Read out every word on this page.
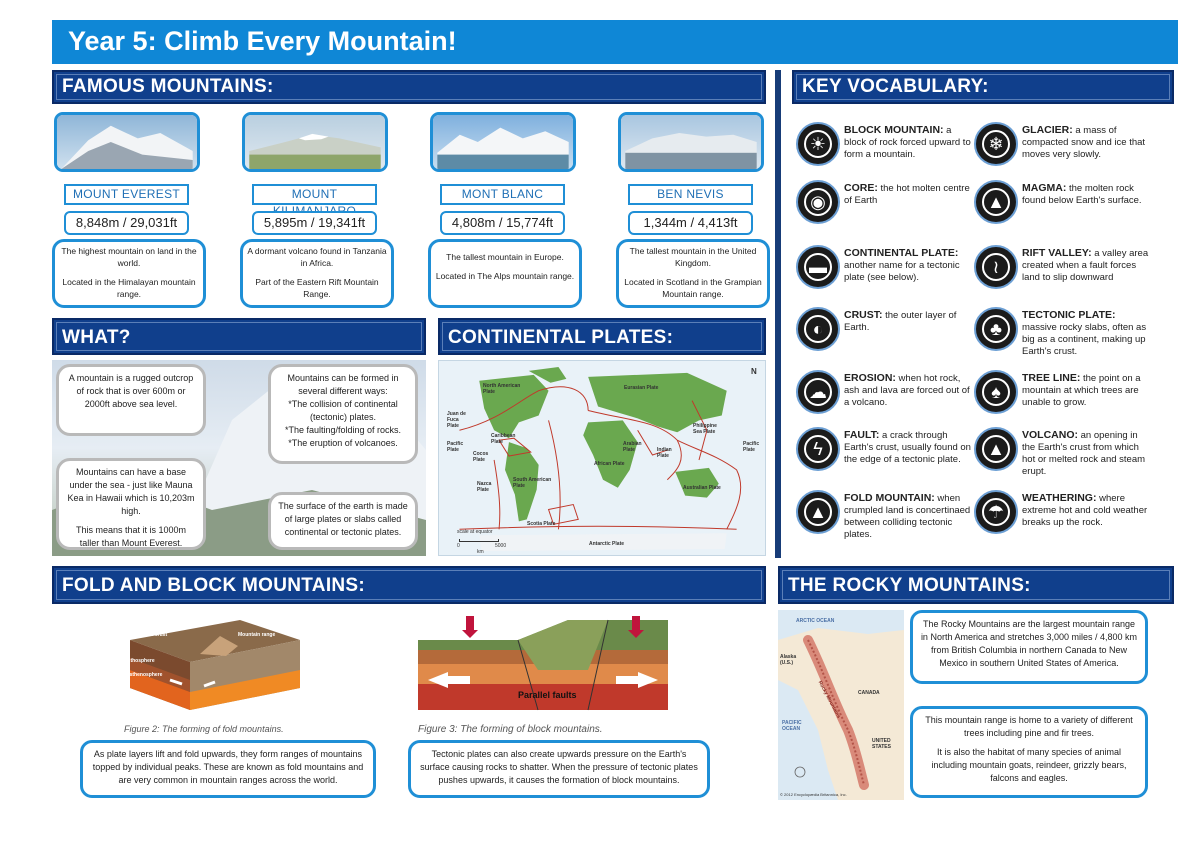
Year 5: Climb Every Mountain!
FAMOUS MOUNTAINS:
MOUNT EVEREST	MOUNT	MONT BLANC	BEN NEVIS
8,848m / 29,031ft	5,895m / 19,341ft	4,808m / 15,774ft	1,344m / 4,413ft

The highest mountain on land in the world.

Located in the Himalayan mountain range.

A dormant volcano found in Tanzania in Africa.

Part of the Eastern Rift Mountain Range.

The tallest mountain in Europe.

Located in The Alps mountain range.

The tallest mountain in the United Kingdom.

Located in Scotland in the Grampian Mountain range.

WHAT?
A mountain is a rugged outcrop of rock that is over 600m or 2000ft above sea level.
Mountains can be formed in several different ways:
*The collision of continental (tectonic) plates.
*The faulting/folding of rocks.
*The eruption of volcanoes.

Mountains can have a base under the sea - just like Mauna Kea in Hawaii which is 10,203m high.

This means that it is 1000m taller than Mount Everest.

The surface of the earth is made of large plates or slabs called continental or tectonic plates.
CONTINENTAL PLATES:
North American Plate
Eurasian Plate
Juan de Fuca Plate
Caribbean Plate	Arabian Plate
Philippine Sea Plate
Pacific Plate
Cocos Plate
Indian Plate
Pacific Plate
African Plate
Nazca Plate
South American Plate	Australian Plate
Scotia Plate
Antarctic Plate
scale at equator
0	5000
km
N
KEY VOCABULARY:
☀
BLOCK MOUNTAIN: a block of rock forced upward to form a mountain.
❄
GLACIER: a mass of compacted snow and ice that moves very slowly.
◉
CORE: the hot molten centre of Earth	▲
MAGMA: the molten rock found below Earth's surface.
▬
CONTINENTAL PLATE: another name for a tectonic plate (see below).
≀
RIFT VALLEY: a valley area created when a fault forces land to slip downward
◐
CRUST: the outer layer of Earth.	♣
TECTONIC PLATE: massive rocky slabs, often as big as a continent, making up Earth's crust.
☁
EROSION: when hot rock, ash and lava are forced out of a volcano.
♠
TREE LINE: the point on a mountain at which trees are unable to grow.
ϟ
FAULT: a crack through Earth's crust, usually found on the edge of a tectonic plate.
▲
VOLCANO: an opening in the Earth's crust from which hot or melted rock and steam erupt.
▲
FOLD MOUNTAIN: when crumpled land is concertinaed between colliding tectonic plates.
☂
WEATHERING: where extreme hot and cold weather breaks up the rock.
FOLD AND BLOCK MOUNTAINS:
Continental crust
Lithosphere
Asthenosphere
Mountain range
Figure 2: The forming of fold mountains.
Parallel faults
Figure 3: The forming of block mountains.
As plate layers lift and fold upwards, they form ranges of mountains topped by individual peaks. These are known as fold mountains and are very common in mountain ranges across the world.
Tectonic plates can also create upwards pressure on the Earth's surface causing rocks to shatter. When the pressure of tectonic plates pushes upwards, it causes the formation of block mountains.
THE ROCKY MOUNTAINS:
ARCTIC OCEAN
Alaska (U.S.)
CANADA
PACIFIC OCEAN
UNITED STATES
Rocky Mountains
© 2012 Encyclopædia Britannica, Inc.
The Rocky Mountains are the largest mountain range in North America and stretches 3,000 miles / 4,800 km from British Columbia in northern Canada to New Mexico in southern United States of America.

This mountain range is home to a variety of different trees including pine and fir trees.

It is also the habitat of many species of animal including mountain goats, reindeer, grizzly bears, falcons and eagles.
